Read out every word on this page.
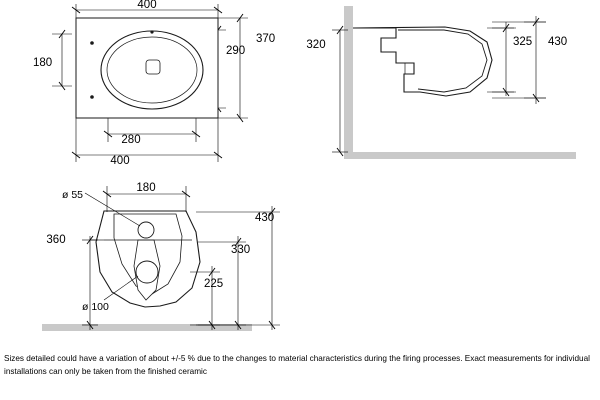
400
370
290
180
280
400
320	325 430
ø 55
180
430
360
330
225
ø 100
Sizes detailed could have a variation of about +/-5 % due to the changes to material characteristics during the firing processes. Exact measurements for individual installations can only be taken from the finished ceramic
